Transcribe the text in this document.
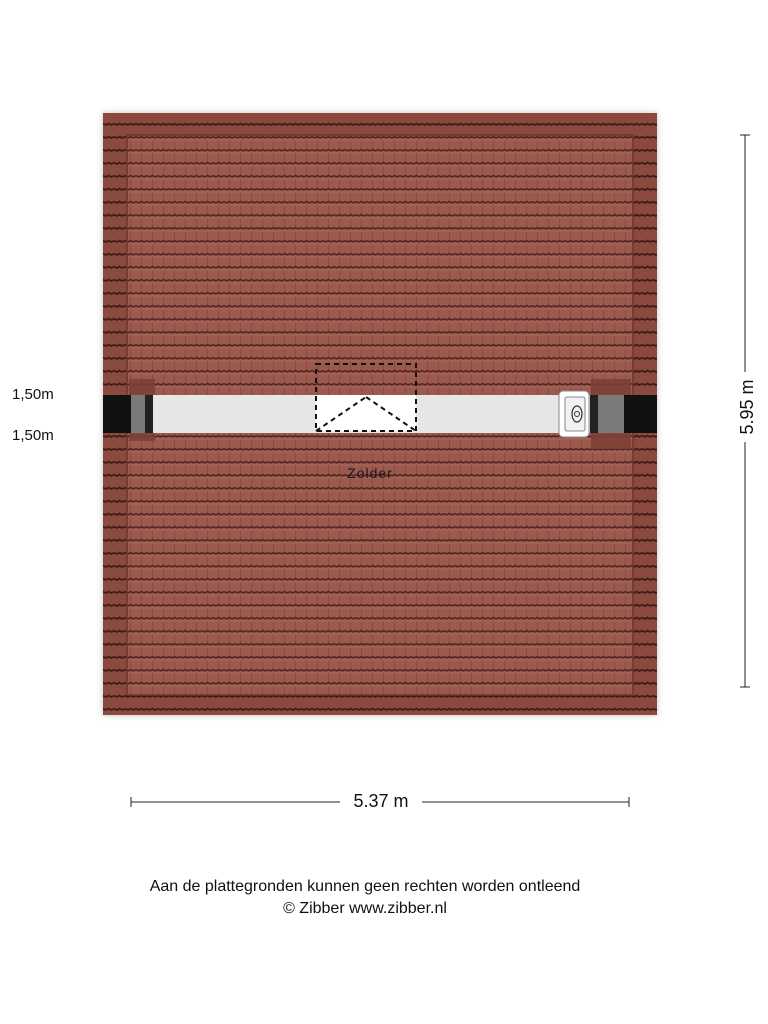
1,50m
1,50m
Zolder
5.37 m
5.95 m
Aan de plattegronden kunnen geen rechten worden ontleend
© Zibber www.zibber.nl
